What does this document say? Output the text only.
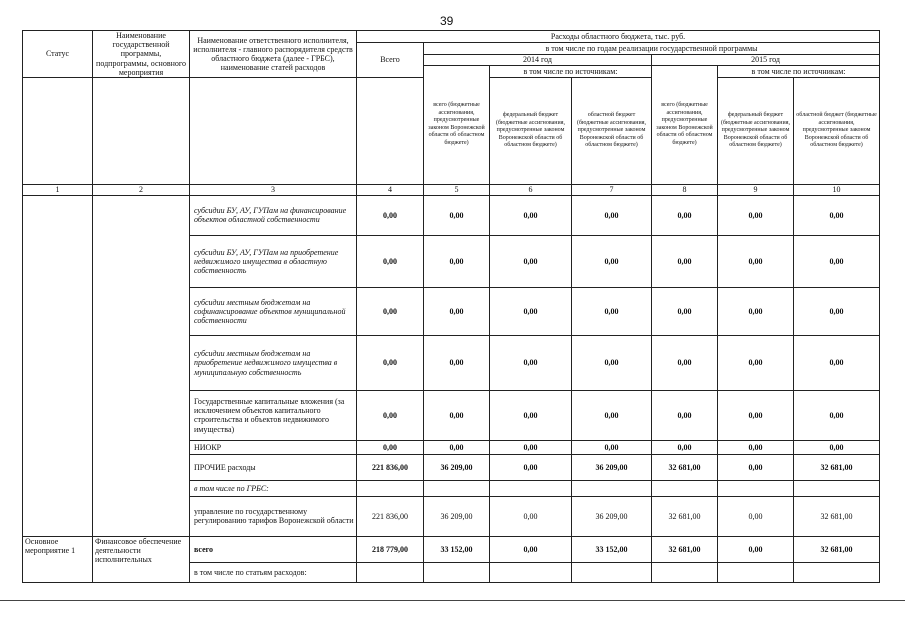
39
Статус	Наименование государственной программы, подпрограммы, основного мероприятия	Наименование ответственного исполнителя, исполнителя - главного распорядителя средств областного бюджета (далее - ГРБС), наименование статей расходов	Расходы областного бюджета, тыс. руб.						
			Всего	в том числе по годам реализации государственной программы					
				2014 год			2015 год		
				всего (бюджетные ассигнования, предусмотренные законом Воронежской области об областном бюджете)	в том числе по источникам:		всего (бюджетные ассигнования, предусмотренные законом Воронежской области об областном бюджете)	в том числе по источникам:	
					федеральный бюджет (бюджетные ассигнования, предусмотренные законом Воронежской области об областном бюджете)	областной бюджет (бюджетные ассигнования, предусмотренные законом Воронежской области об областном бюджете)		федеральный бюджет (бюджетные ассигнования, предусмотренные законом Воронежской области об областном бюджете)	областной бюджет (бюджетные ассигнования, предусмотренные законом Воронежской области об областном бюджете)
1	2	3	4	5	6	7	8	9	10
		субсидии БУ, АУ, ГУПам на финансирование объектов областной собственности	0,00	0,00	0,00	0,00	0,00	0,00	0,00
		субсидии БУ, АУ, ГУПам на приобретение недвижимого имущества в областную собственность	0,00	0,00	0,00	0,00	0,00	0,00	0,00
		субсидии местным бюджетам на софинансирование объектов муниципальной собственности	0,00	0,00	0,00	0,00	0,00	0,00	0,00
		субсидии местным бюджетам на приобретение недвижимого имущества в муниципальную собственность	0,00	0,00	0,00	0,00	0,00	0,00	0,00
		Государственные капитальные вложения (за исключением объектов капитального строительства и объектов недвижимого имущества)	0,00	0,00	0,00	0,00	0,00	0,00	0,00
		НИОКР	0,00	0,00	0,00	0,00	0,00	0,00	0,00
		ПРОЧИЕ расходы	221 836,00	36 209,00	0,00	36 209,00	32 681,00	0,00	32 681,00
		в том числе по ГРБС:							
		управление по государственному регулированию тарифов Воронежской области	221 836,00	36 209,00	0,00	36 209,00	32 681,00	0,00	32 681,00
Основное мероприятие 1	Финансовое обеспечение деятельности исполнительных	всего	218 779,00	33 152,00	0,00	33 152,00	32 681,00	0,00	32 681,00
		в том числе по статьям расходов:							
